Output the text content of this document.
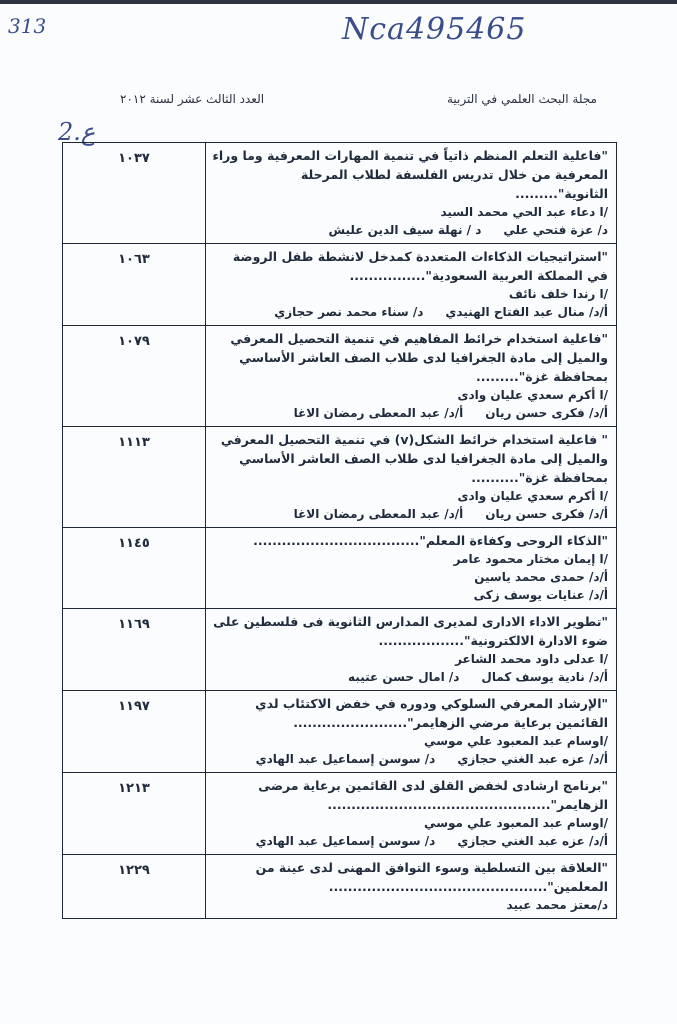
313	Nca495465
2.ع
مجلة البحث العلمي في التربية
العدد الثالث عشر لسنة ٢٠١٢
"فاعلية التعلم المنظم ذاتياً في تنمية المهارات المعرفية وما وراء المعرفية من خلال تدريس الفلسفة لطلاب المرحلة الثانوية".........
/ا دعاء عبد الحي محمد السيد
د/ عزة فتحي عليد / نهلة سيف الدين عليش	١٠٣٧

"استراتيجيات الذكاءات المتعددة كمدخل لانشطة طفل الروضة في المملكة العربية السعودية"................
/ا رندا خلف نائف
أ/د/ منال عبد الفتاح الهنيديد/ سناء محمد نصر حجازي	١٠٦٣

"فاعلية استخدام خرائط المفاهيم في تنمية التحصيل المعرفي والميل إلى مادة الجغرافيا لدى طلاب الصف العاشر الأساسي بمحافظة غزة".........
/ا أكرم سعدي عليان وادى
أ/د/ فكرى حسن ريانأ/د/ عبد المعطى رمضان الاغا	١٠٧٩

" فاعلية استخدام خرائط الشكل(v) في تنمية التحصيل المعرفي والميل إلى مادة الجغرافيا لدى طلاب الصف العاشر الأساسي بمحافظة غزة"..........
/ا أكرم سعدي عليان وادى
أ/د/ فكرى حسن ريانأ/د/ عبد المعطى رمضان الاغا	١١١٣

"الذكاء الروحى وكفاءة المعلم"...................................
/ا إيمان مختار محمود عامر
أ/د/ حمدى محمد ياسين
أ/د/ عنايات يوسف زكى	١١٤٥

"تطوير الاداء الادارى لمديرى المدارس الثانوية فى فلسطين على ضوء الادارة الالكترونية"..................
/ا عدلى داود محمد الشاعر
أ/د/ نادية يوسف كمالد/ امال حسن عتيبه	١١٦٩

"الإرشاد المعرفي السلوكي ودوره في خفض الاكتئاب لدي القائمين برعاية مرضي الزهايمر"........................
/اوسام عبد المعبود علي موسي
أ/د/ عزه عبد الغني حجازيد/ سوسن إسماعيل عبد الهادي	١١٩٧

"برنامج ارشادى لخفض القلق لدى القائمين برعاية مرضى الزهايمر"...............................................
/اوسام عبد المعبود علي موسي
أ/د/ عزه عبد الغني حجازيد/ سوسن إسماعيل عبد الهادي	١٢١٣

"العلاقة بين التسلطية وسوء التوافق المهنى لدى عينة من المعلمين"..............................................
د/معتز محمد عبيد	١٢٢٩
